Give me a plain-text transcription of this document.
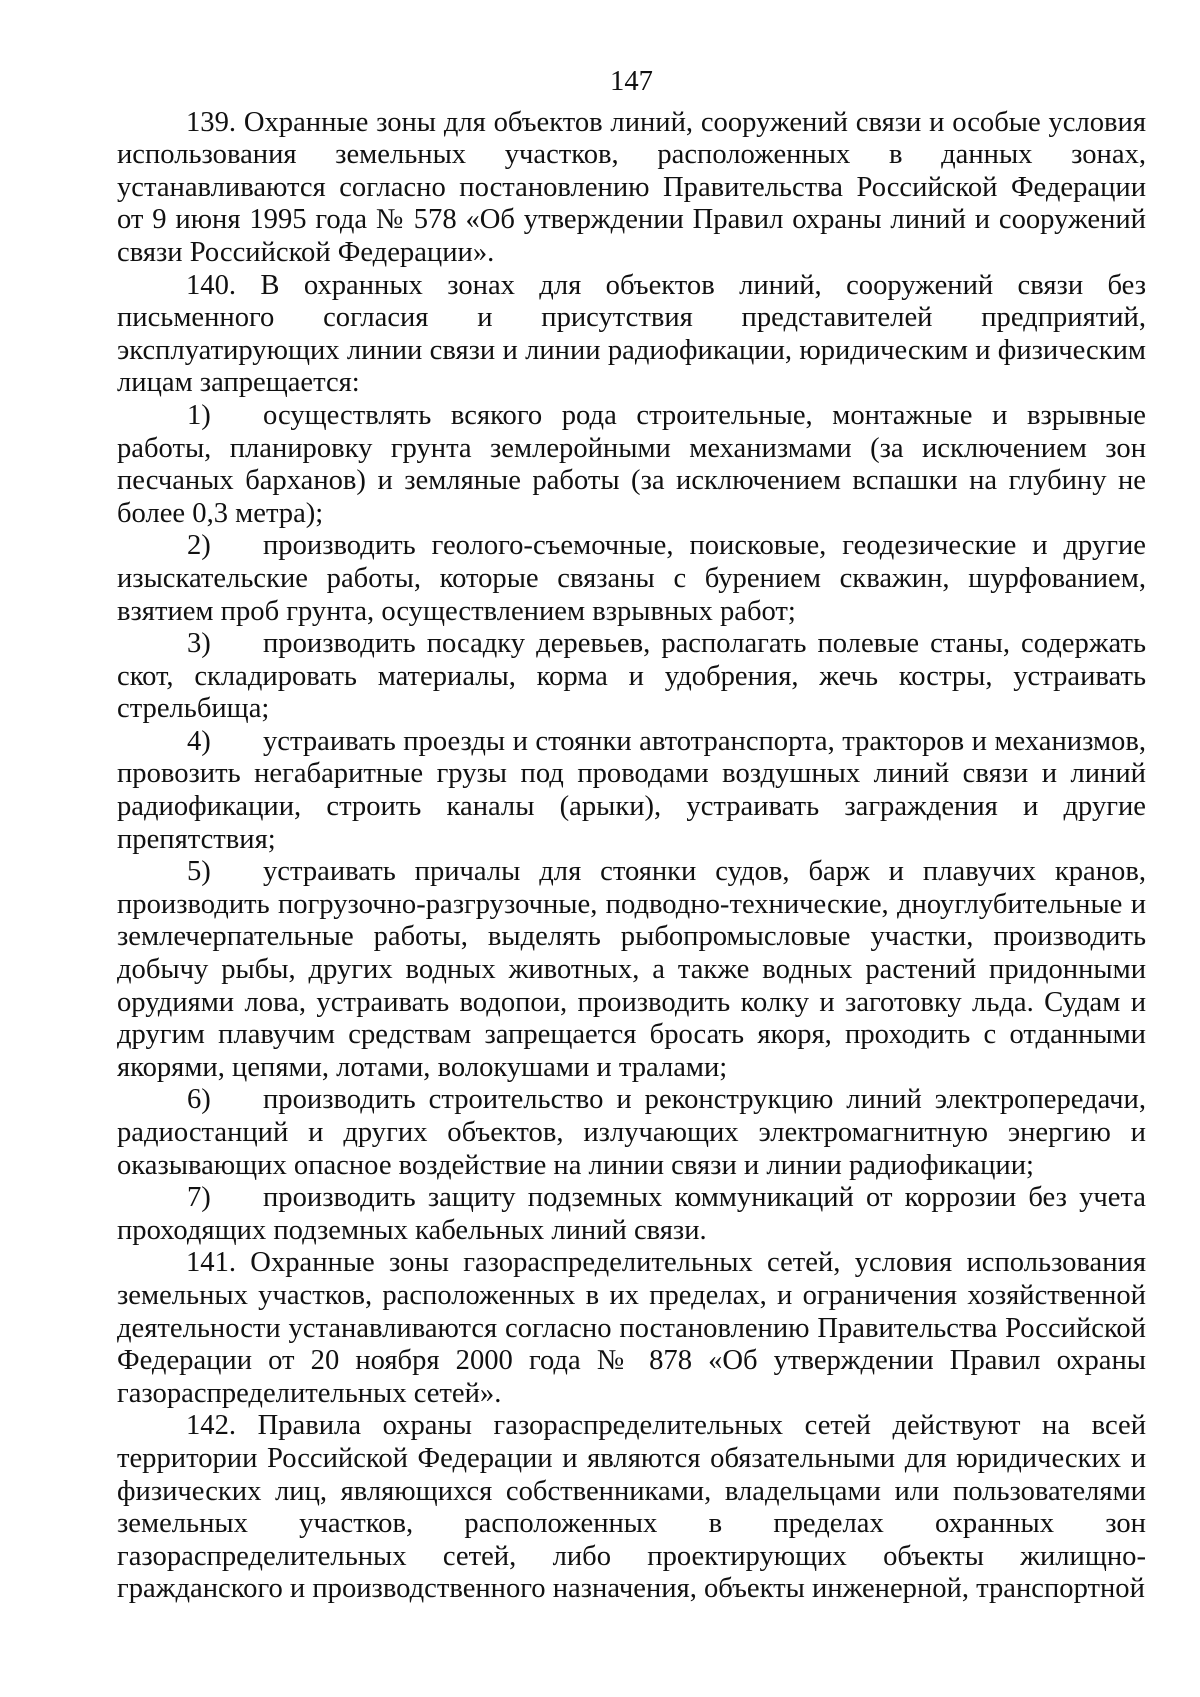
147

139. Охранные зоны для объектов линий, сооружений связи и особые условия использования земельных участков, расположенных в данных зонах, устанавливаются согласно постановлению Правительства Российской Федерации от 9 июня 1995 года № 578 «Об утверждении Правил охраны линий и сооружений связи Российской Федерации».

140. В охранных зонах для объектов линий, сооружений связи без письменного согласия и присутствия представителей предприятий, эксплуатирующих линии связи и линии радиофикации, юридическим и физическим лицам запрещается:

1) осуществлять всякого рода строительные, монтажные и взрывные работы, планировку грунта землеройными механизмами (за исключением зон песчаных барханов) и земляные работы (за исключением вспашки на глубину не более 0,3 метра);

2) производить геолого-съемочные, поисковые, геодезические и другие изыскательские работы, которые связаны с бурением скважин, шурфованием, взятием проб грунта, осуществлением взрывных работ;

3) производить посадку деревьев, располагать полевые станы, содержать скот, складировать материалы, корма и удобрения, жечь костры, устраивать стрельбища;

4) устраивать проезды и стоянки автотранспорта, тракторов и механизмов, провозить негабаритные грузы под проводами воздушных линий связи и линий радиофикации, строить каналы (арыки), устраивать заграждения и другие препятствия;

5) устраивать причалы для стоянки судов, барж и плавучих кранов, производить погрузочно-разгрузочные, подводно-технические, дноуглубительные и землечерпательные работы, выделять рыбопромысловые участки, производить добычу рыбы, других водных животных, а также водных растений придонными орудиями лова, устраивать водопои, производить колку и заготовку льда. Судам и другим плавучим средствам запрещается бросать якоря, проходить с отданными якорями, цепями, лотами, волокушами и тралами;

6) производить строительство и реконструкцию линий электропередачи, радиостанций и других объектов, излучающих электромагнитную энергию и оказывающих опасное воздействие на линии связи и линии радиофикации;

7) производить защиту подземных коммуникаций от коррозии без учета проходящих подземных кабельных линий связи.

141. Охранные зоны газораспределительных сетей, условия использования земельных участков, расположенных в их пределах, и ограничения хозяйственной деятельности устанавливаются согласно постановлению Правительства Российской Федерации от 20 ноября 2000 года № 878 «Об утверждении Правил охраны газораспределительных сетей».

142. Правила охраны газораспределительных сетей действуют на всей территории Российской Федерации и являются обязательными для юридических и физических лиц, являющихся собственниками, владельцами или пользователями земельных участков, расположенных в пределах охранных зон газораспределительных сетей, либо проектирующих объекты жилищно-гражданского и производственного назначения, объекты инженерной, транспортной
